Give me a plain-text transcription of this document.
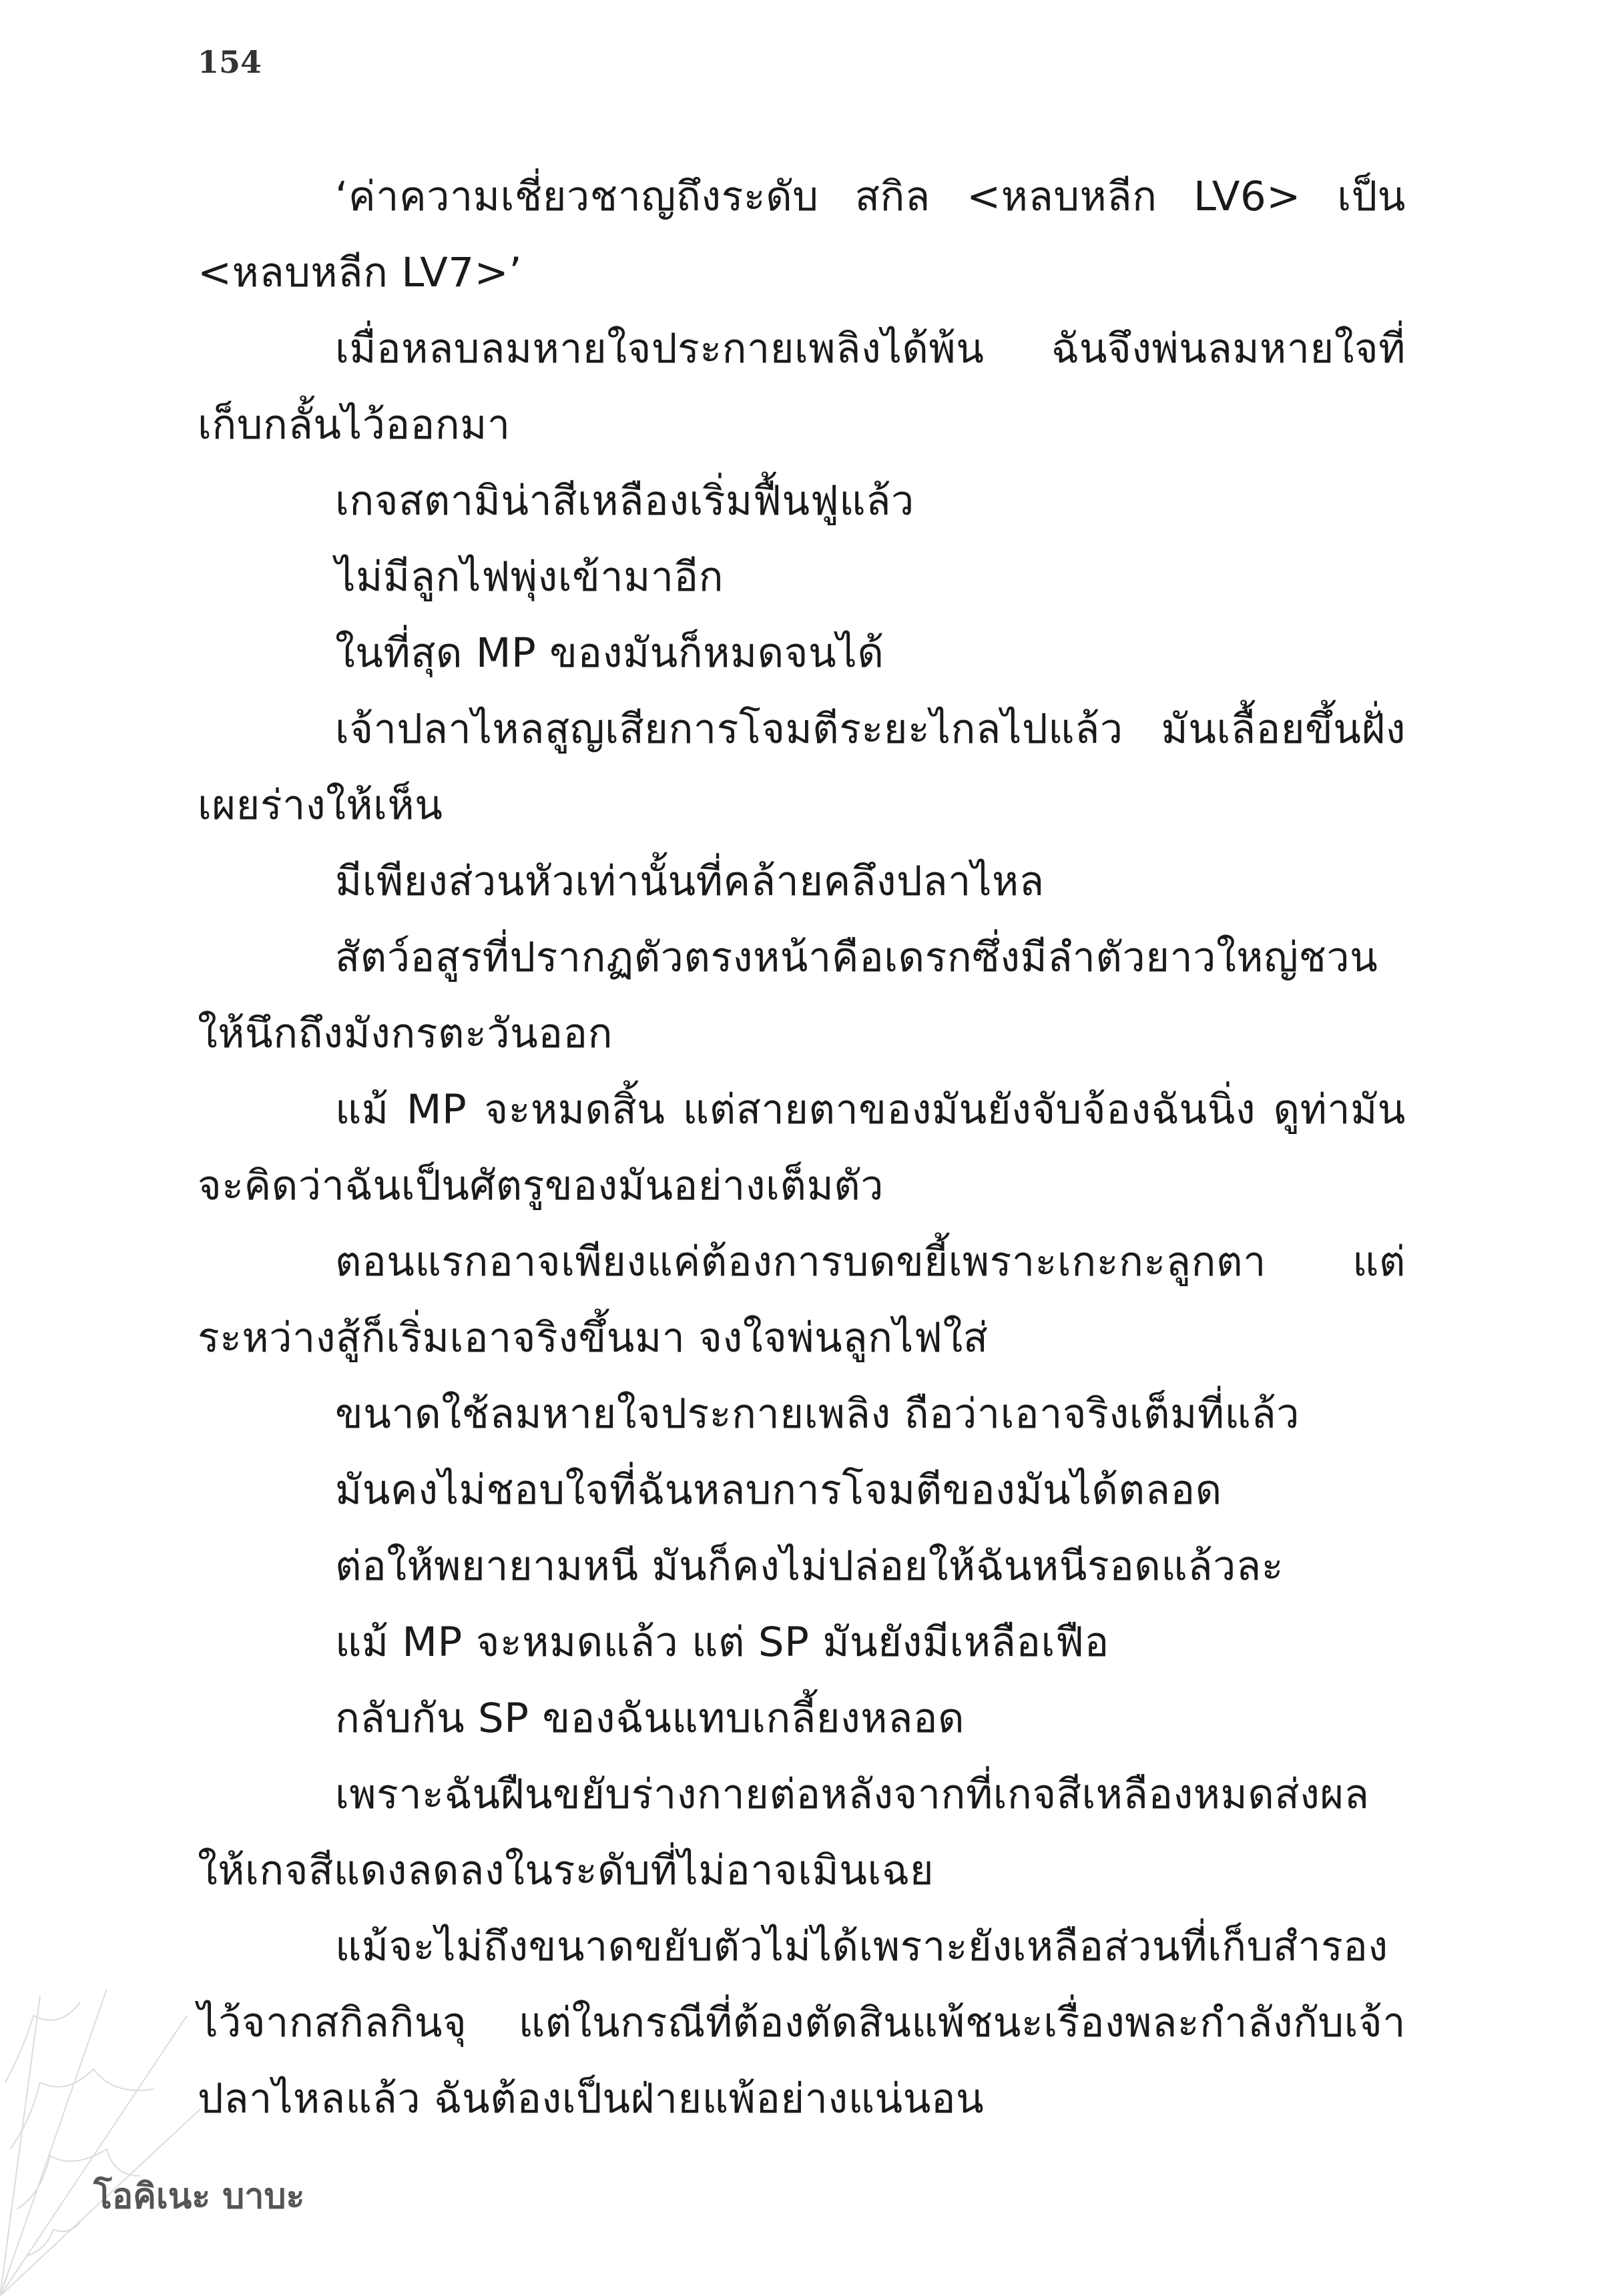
154

‘ค่าความเชี่ยวชาญถึงระดับ สกิล <หลบหลีก LV6> เป็น <หลบหลีก LV7>’

เมื่อหลบลมหายใจประกายเพลิงได้พ้น ฉันจึงพ่นลมหายใจที่เก็บกลั้นไว้ออกมา

เกจสตามิน่าสีเหลืองเริ่มฟื้นฟูแล้ว

ไม่มีลูกไฟพุ่งเข้ามาอีก

ในที่สุด MP ของมันก็หมดจนได้

เจ้าปลาไหลสูญเสียการโจมตีระยะไกลไปแล้ว มันเลื้อยขึ้นฝั่ง เผยร่างให้เห็น

มีเพียงส่วนหัวเท่านั้นที่คล้ายคลึงปลาไหล

สัตว์อสูรที่ปรากฏตัวตรงหน้าคือเดรกซึ่งมีลำตัวยาวใหญ่ชวนให้นึกถึงมังกรตะวันออก

แม้ MP จะหมดสิ้น แต่สายตาของมันยังจับจ้องฉันนิ่ง ดูท่ามันจะคิดว่าฉันเป็นศัตรูของมันอย่างเต็มตัว

ตอนแรกอาจเพียงแค่ต้องการบดขยี้เพราะเกะกะลูกตา แต่ระหว่างสู้ก็เริ่มเอาจริงขึ้นมา จงใจพ่นลูกไฟใส่

ขนาดใช้ลมหายใจประกายเพลิง ถือว่าเอาจริงเต็มที่แล้ว

มันคงไม่ชอบใจที่ฉันหลบการโจมตีของมันได้ตลอด

ต่อให้พยายามหนี มันก็คงไม่ปล่อยให้ฉันหนีรอดแล้วละ

แม้ MP จะหมดแล้ว แต่ SP มันยังมีเหลือเฟือ

กลับกัน SP ของฉันแทบเกลี้ยงหลอด

เพราะฉันฝืนขยับร่างกายต่อหลังจากที่เกจสีเหลืองหมดส่งผลให้เกจสีแดงลดลงในระดับที่ไม่อาจเมินเฉย

แม้จะไม่ถึงขนาดขยับตัวไม่ได้เพราะยังเหลือส่วนที่เก็บสำรองไว้จากสกิลกินจุ แต่ในกรณีที่ต้องตัดสินแพ้ชนะเรื่องพละกำลังกับเจ้าปลาไหลแล้ว ฉันต้องเป็นฝ่ายแพ้อย่างแน่นอน

โอคิเนะ บาบะ
